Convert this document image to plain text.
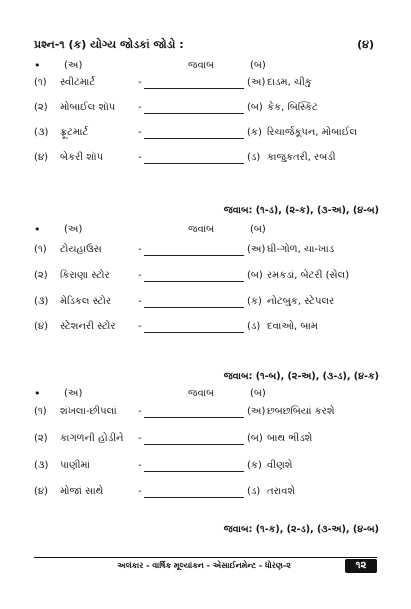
પ્રશ્ન-૧ (ક) યોગ્ય જોડકાં જોડો :	(૪)
• (અ)	જવાબ	(બ)
(૧) સ્વીટમાર્ટ	-	(અ) દાડમ, ચીકુ
(૨) મોબાઈલ શૉપ -	(બ) કેક, બિસ્કિટ
(૩) ફ્રૂટમાર્ટ	-	(ક) રિચાર્જકૂપન, મોબાઈલ
(૪) બેકરી શૉપ	-	(ડ) કાજુકતરી, રબડી
જવાબ: (૧-ડ), (૨-ક), (૩-અ), (૪-બ)
• (અ)	જવાબ	(બ)
(૧) ટોયહાઉસ	-	(અ) ઘી-ગોળ, ચા-ખાંડ
(૨) કિરાણા સ્ટોર	-	(બ) રમકડાં, બેટરી (સેલ)
(૩) મેડિકલ સ્ટોર	-	(ક) નોટબુક, સ્ટેપલર
(૪) સ્ટેશનરી સ્ટોર -	(ડ) દવાઓ, બામ
જવાબ: (૧-બ), (૨-અ), (૩-ડ), (૪-ક)
• (અ)	જવાબ	(બ)
(૧) શંખલા-છીપલાં -	(અ) છબછબિયાં કરશે
(૨) કાગળની હોડીને -	(બ) બાથ ભીડશે
(૩) પાણીમાં	-	(ક) વીણશે
(૪) મોજાં સાથે	-	(ડ) તરાવશે
જવાબ: (૧-ક), (૨-ડ), (૩-અ), (૪-બ)
અલંકાર - વાર્ષિક મૂલ્યાંકન - એસાઈનમેન્ટ - ધોરણ-૨	૧૨
